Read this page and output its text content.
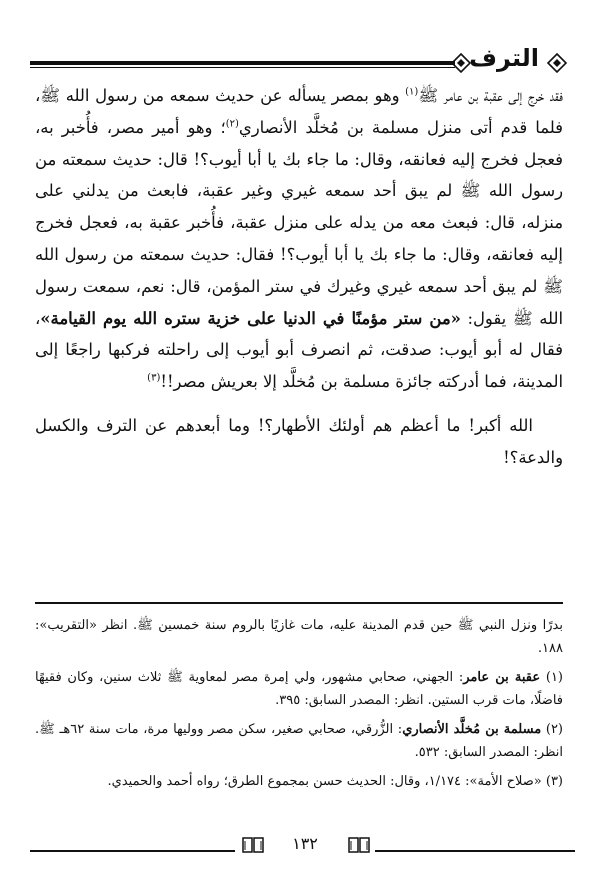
الترف

فقد خرج إلى عقبة بن عامر ﷺ$^{(١)}$ وهو بمصر يسأله عن حديث سمعه من رسول الله ﷺ، فلما قدم أتى منزل مسلمة بن مُخلَّد الأنصاري$^{(٢)}$؛ وهو أمير مصر، فأُخبر به، فعجل فخرج إليه فعانقه، وقال: ما جاء بك يا أبا أيوب؟! قال: حديث سمعته من رسول الله ﷺ لم يبق أحد سمعه غيري وغير عقبة، فابعث من يدلني على منزله، قال: فبعث معه من يدله على منزل عقبة، فأُخبر عقبة به، فعجل فخرج إليه فعانقه، وقال: ما جاء بك يا أبا أيوب؟! فقال: حديث سمعته من رسول الله ﷺ لم يبق أحد سمعه غيري وغيرك في ستر المؤمن، قال: نعم، سمعت رسول الله ﷺ يقول: «من ستر مؤمنًا في الدنيا على خزية ستره الله يوم القيامة»، فقال له أبو أيوب: صدقت، ثم انصرف أبو أيوب إلى راحلته فركبها راجعًا إلى المدينة، فما أدركته جائزة مسلمة بن مُخلَّد إلا بعريش مصر!!$^{(٣)}$

الله أكبر! ما أعظم هم أولئك الأطهار؟! وما أبعدهم عن الترف والكسل والدعة؟!

بدرًا ونزل النبي ﷺ حين قدم المدينة عليه، مات غازيًا بالروم سنة خمسين ﷺ. انظر «التقريب»: ١٨٨.

(١) عقبة بن عامر: الجهني، صحابي مشهور، ولي إمرة مصر لمعاوية ﷺ ثلاث سنين، وكان فقيهًا فاضلًا، مات قرب الستين. انظر: المصدر السابق: ٣٩٥.

(٢) مسلمة بن مُخلَّد الأنصاري: الزُّرقي، صحابي صغير، سكن مصر ووليها مرة، مات سنة ٦٢هـ ﷺ. انظر: المصدر السابق: ٥٣٢.

(٣) «صلاح الأمة»: ١/١٧٤، وقال: الحديث حسن بمجموع الطرق؛ رواه أحمد والحميدي.

١٣٢
